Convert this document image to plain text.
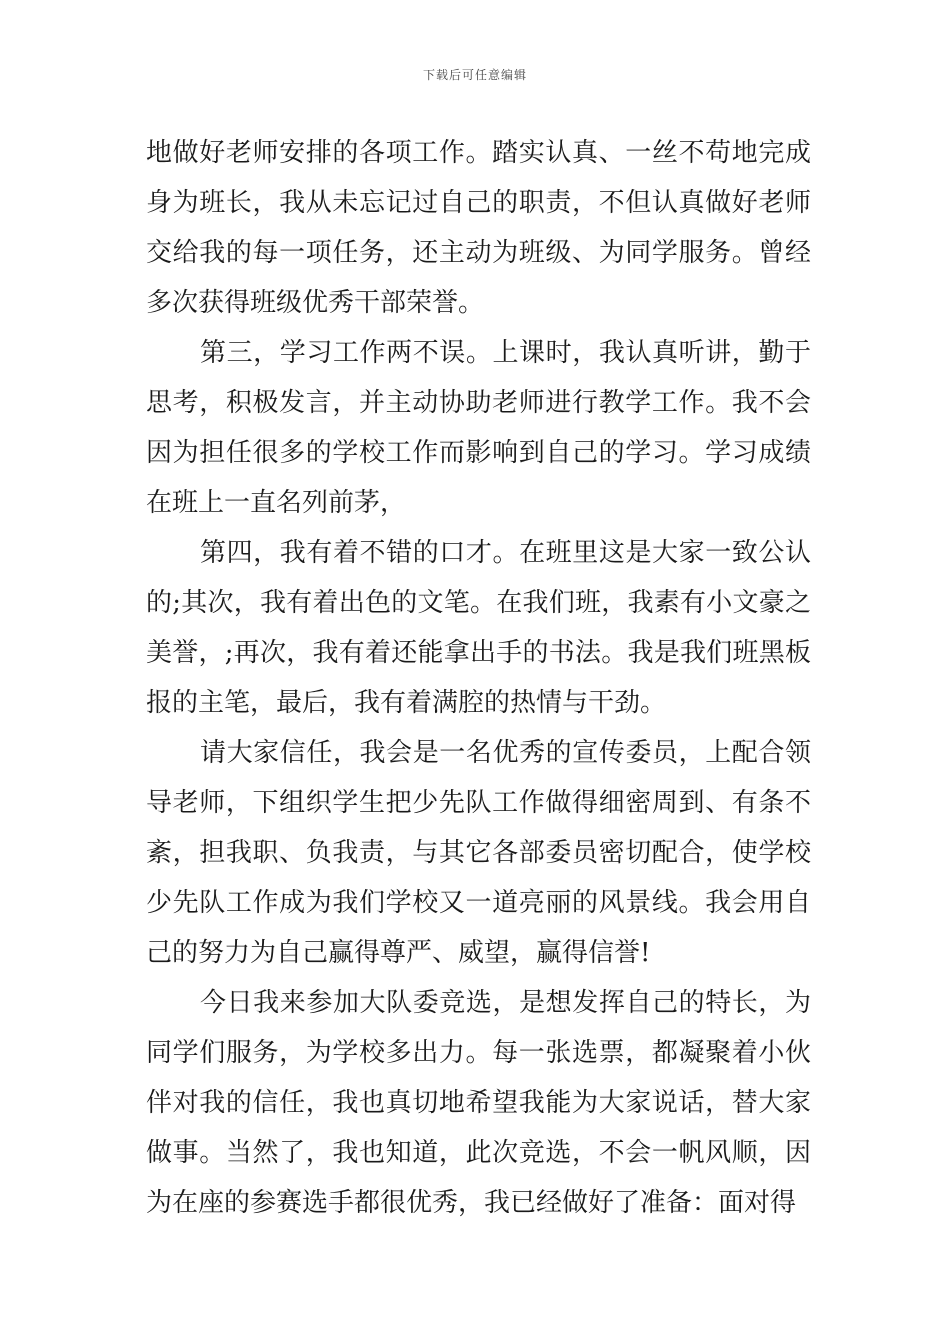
下载后可任意编辑

地做好老师安排的各项工作。踏实认真、一丝不苟地完成身为班长，我从未忘记过自己的职责，不但认真做好老师交给我的每一项任务，还主动为班级、为同学服务。曾经多次获得班级优秀干部荣誉。

第三，学习工作两不误。上课时，我认真听讲，勤于思考，积极发言，并主动协助老师进行教学工作。我不会因为担任很多的学校工作而影响到自己的学习。学习成绩在班上一直名列前茅，

第四，我有着不错的口才。在班里这是大家一致公认的;其次，我有着出色的文笔。在我们班，我素有小文豪之美誉，;再次，我有着还能拿出手的书法。我是我们班黑板报的主笔，最后，我有着满腔的热情与干劲。

请大家信任，我会是一名优秀的宣传委员，上配合领导老师，下组织学生把少先队工作做得细密周到、有条不紊，担我职、负我责，与其它各部委员密切配合，使学校少先队工作成为我们学校又一道亮丽的风景线。我会用自己的努力为自己赢得尊严、威望，赢得信誉!

今日我来参加大队委竞选，是想发挥自己的特长，为同学们服务，为学校多出力。每一张选票，都凝聚着小伙伴对我的信任，我也真切地希望我能为大家说话，替大家做事。当然了，我也知道，此次竞选，不会一帆风顺，因为在座的参赛选手都很优秀，我已经做好了准备：面对得
